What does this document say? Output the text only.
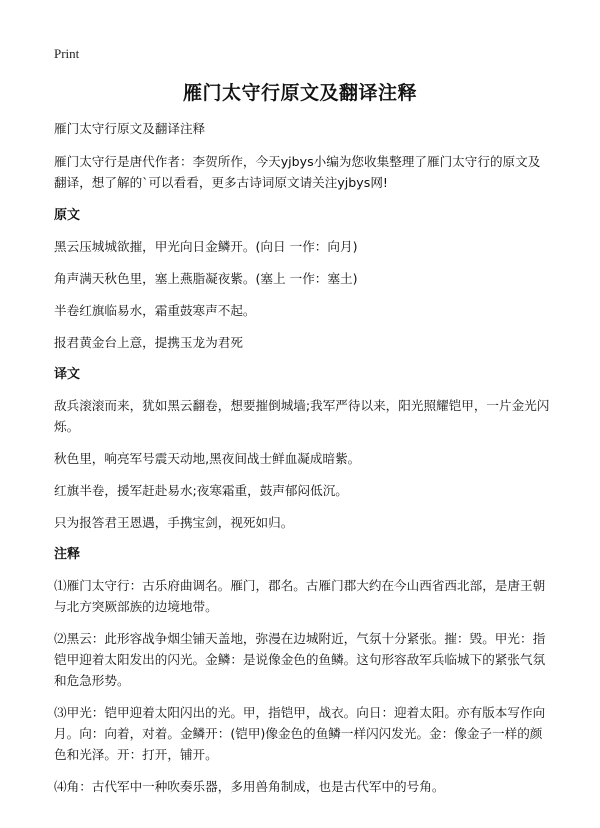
Print
雁门太守行原文及翻译注释

雁门太守行原文及翻译注释

雁门太守行是唐代作者：李贺所作，今天yjbys小编为您收集整理了雁门太守行的原文及翻译，想了解的`可以看看，更多古诗词原文请关注yjbys网!

原文

黑云压城城欲摧，甲光向日金鳞开。(向日 一作：向月)

角声满天秋色里，塞上燕脂凝夜紫。(塞上 一作：塞土)

半卷红旗临易水，霜重鼓寒声不起。

报君黄金台上意，提携玉龙为君死

译文

敌兵滚滚而来，犹如黑云翻卷，想要摧倒城墙;我军严待以来，阳光照耀铠甲，一片金光闪烁。

秋色里，响亮军号震天动地,黑夜间战士鲜血凝成暗紫。

红旗半卷，援军赶赴易水;夜寒霜重，鼓声郁闷低沉。

只为报答君王恩遇，手携宝剑，视死如归。

注释

⑴雁门太守行：古乐府曲调名。雁门，郡名。古雁门郡大约在今山西省西北部，是唐王朝与北方突厥部族的边境地带。

⑵黑云：此形容战争烟尘铺天盖地，弥漫在边城附近，气氛十分紧张。摧：毁。甲光：指铠甲迎着太阳发出的闪光。金鳞：是说像金色的鱼鳞。这句形容敌军兵临城下的紧张气氛和危急形势。

⑶甲光：铠甲迎着太阳闪出的光。甲，指铠甲，战衣。向日：迎着太阳。亦有版本写作向月。向：向着，对着。金鳞开：(铠甲)像金色的鱼鳞一样闪闪发光。金：像金子一样的颜色和光泽。开：打开，铺开。

⑷角：古代军中一种吹奏乐器，多用兽角制成，也是古代军中的号角。
